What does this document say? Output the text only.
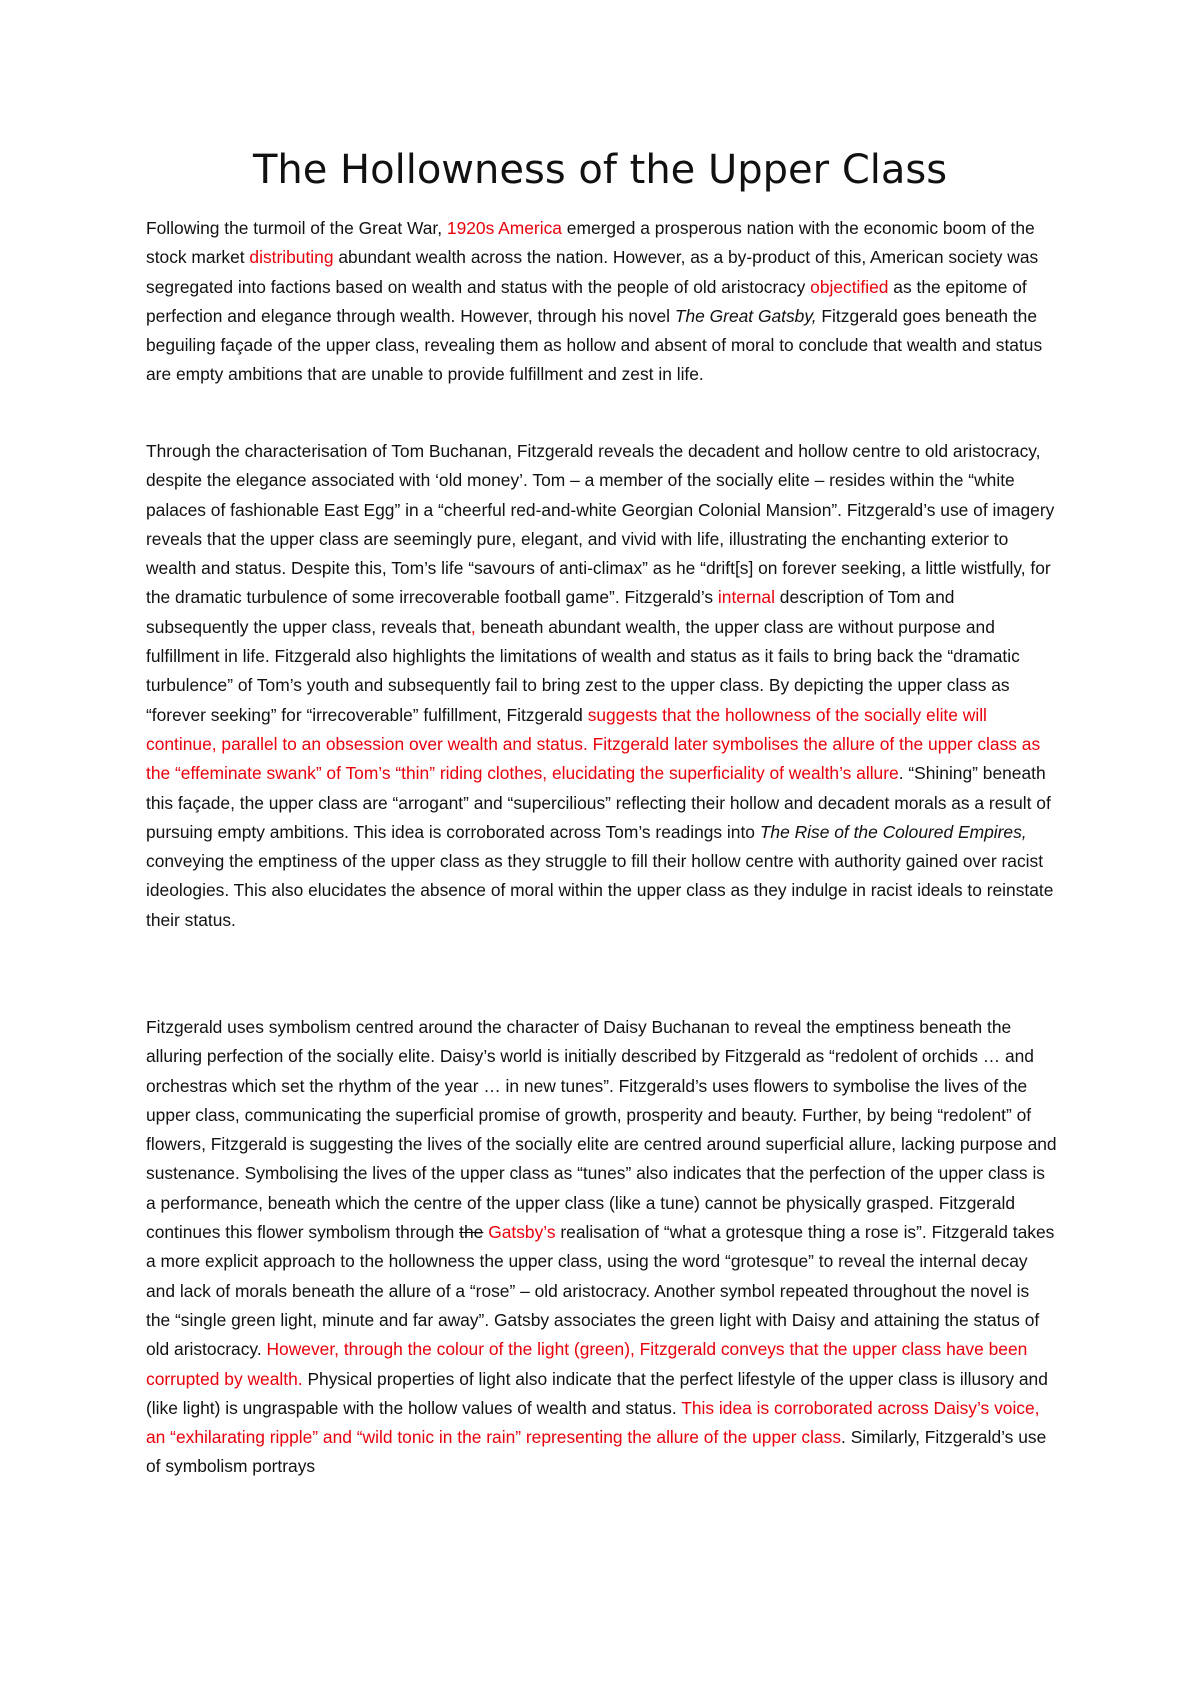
The Hollowness of the Upper Class

Following the turmoil of the Great War, 1920s America emerged a prosperous nation with the economic boom of the stock market distributing abundant wealth across the nation. However, as a by-product of this, American society was segregated into factions based on wealth and status with the people of old aristocracy objectified as the epitome of perfection and elegance through wealth. However, through his novel The Great Gatsby, Fitzgerald goes beneath the beguiling façade of the upper class, revealing them as hollow and absent of moral to conclude that wealth and status are empty ambitions that are unable to provide fulfillment and zest in life.

Through the characterisation of Tom Buchanan, Fitzgerald reveals the decadent and hollow centre to old aristocracy, despite the elegance associated with ‘old money’. Tom – a member of the socially elite – resides within the “white palaces of fashionable East Egg” in a “cheerful red-and-white Georgian Colonial Mansion”. Fitzgerald’s use of imagery reveals that the upper class are seemingly pure, elegant, and vivid with life, illustrating the enchanting exterior to wealth and status. Despite this, Tom’s life “savours of anti-climax” as he “drift[s] on forever seeking, a little wistfully, for the dramatic turbulence of some irrecoverable football game”. Fitzgerald’s internal description of Tom and subsequently the upper class, reveals that, beneath abundant wealth, the upper class are without purpose and fulfillment in life. Fitzgerald also highlights the limitations of wealth and status as it fails to bring back the “dramatic turbulence” of Tom’s youth and subsequently fail to bring zest to the upper class. By depicting the upper class as “forever seeking” for “irrecoverable” fulfillment, Fitzgerald suggests that the hollowness of the socially elite will continue, parallel to an obsession over wealth and status. Fitzgerald later symbolises the allure of the upper class as the “effeminate swank” of Tom’s “thin” riding clothes, elucidating the superficiality of wealth’s allure. “Shining” beneath this façade, the upper class are “arrogant” and “supercilious” reflecting their hollow and decadent morals as a result of pursuing empty ambitions. This idea is corroborated across Tom’s readings into The Rise of the Coloured Empires, conveying the emptiness of the upper class as they struggle to fill their hollow centre with authority gained over racist ideologies. This also elucidates the absence of moral within the upper class as they indulge in racist ideals to reinstate their status.

Fitzgerald uses symbolism centred around the character of Daisy Buchanan to reveal the emptiness beneath the alluring perfection of the socially elite. Daisy’s world is initially described by Fitzgerald as “redolent of orchids … and orchestras which set the rhythm of the year … in new tunes”. Fitzgerald’s uses flowers to symbolise the lives of the upper class, communicating the superficial promise of growth, prosperity and beauty. Further, by being “redolent” of flowers, Fitzgerald is suggesting the lives of the socially elite are centred around superficial allure, lacking purpose and sustenance. Symbolising the lives of the upper class as “tunes” also indicates that the perfection of the upper class is a performance, beneath which the centre of the upper class (like a tune) cannot be physically grasped. Fitzgerald continues this flower symbolism through the Gatsby’s realisation of “what a grotesque thing a rose is”. Fitzgerald takes a more explicit approach to the hollowness the upper class, using the word “grotesque” to reveal the internal decay and lack of morals beneath the allure of a “rose” – old aristocracy. Another symbol repeated throughout the novel is the “single green light, minute and far away”. Gatsby associates the green light with Daisy and attaining the status of old aristocracy. However, through the colour of the light (green), Fitzgerald conveys that the upper class have been corrupted by wealth. Physical properties of light also indicate that the perfect lifestyle of the upper class is illusory and (like light) is ungraspable with the hollow values of wealth and status. This idea is corroborated across Daisy’s voice, an “exhilarating ripple” and “wild tonic in the rain” representing the allure of the upper class. Similarly, Fitzgerald’s use of symbolism portrays
